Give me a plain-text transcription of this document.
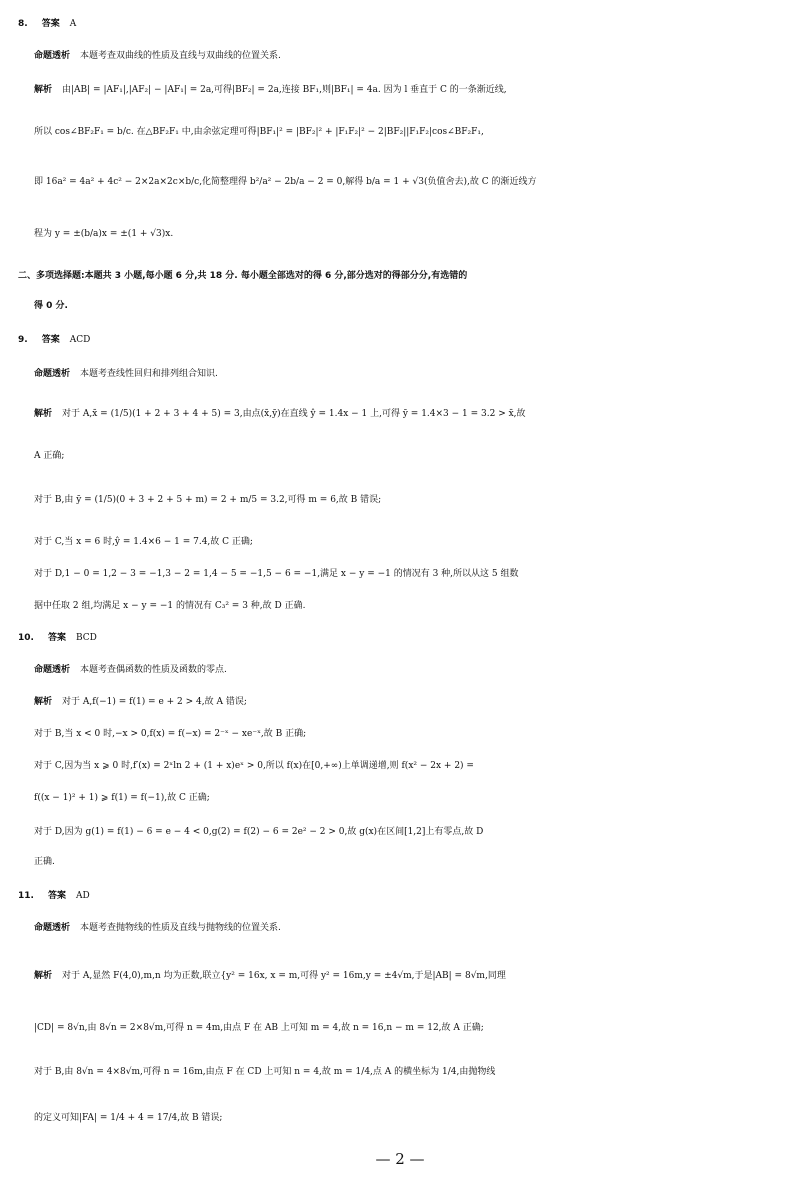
8. 答案 A
命题透析 本题考查双曲线的性质及直线与双曲线的位置关系.
解析 由|AB| = |AF₁|,|AF₂| − |AF₁| = 2a,可得|BF₂| = 2a,连接 BF₁,则|BF₁| = 4a. 因为 l 垂直于 C 的一条渐近线,
所以 cos∠BF₂F₁ = b/c. 在△BF₂F₁ 中,由余弦定理可得|BF₁|² = |BF₂|² + |F₁F₂|² − 2|BF₂||F₁F₂|cos∠BF₂F₁,
即 16a² = 4a² + 4c² − 2×2a×2c×b/c,化简整理得 b²/a² − 2b/a − 2 = 0,解得 b/a = 1 + √3(负值舍去),故 C 的渐近线方
程为 y = ±(b/a)x = ±(1 + √3)x.
二、多项选择题:本题共 3 小题,每小题 6 分,共 18 分. 每小题全部选对的得 6 分,部分选对的得部分分,有选错的
得 0 分.
9. 答案 ACD
命题透析 本题考查线性回归和排列组合知识.
解析 对于 A,x̄ = (1/5)(1 + 2 + 3 + 4 + 5) = 3,由点(x̄,ȳ)在直线 ŷ = 1.4x − 1 上,可得 ȳ = 1.4×3 − 1 = 3.2 > x̄,故
A 正确;
对于 B,由 ȳ = (1/5)(0 + 3 + 2 + 5 + m) = 2 + m/5 = 3.2,可得 m = 6,故 B 错误;
对于 C,当 x = 6 时,ŷ = 1.4×6 − 1 = 7.4,故 C 正确;
对于 D,1 − 0 = 1,2 − 3 = −1,3 − 2 = 1,4 − 5 = −1,5 − 6 = −1,满足 x − y = −1 的情况有 3 种,所以从这 5 组数
据中任取 2 组,均满足 x − y = −1 的情况有 C₃² = 3 种,故 D 正确.
10. 答案 BCD
命题透析 本题考查偶函数的性质及函数的零点.
解析 对于 A,f(−1) = f(1) = e + 2 > 4,故 A 错误;
对于 B,当 x < 0 时,−x > 0,f(x) = f(−x) = 2⁻ˣ − xe⁻ˣ,故 B 正确;
对于 C,因为当 x ⩾ 0 时,f′(x) = 2ˣln 2 + (1 + x)eˣ > 0,所以 f(x)在[0,+∞)上单调递增,则 f(x² − 2x + 2) =
f((x − 1)² + 1) ⩾ f(1) = f(−1),故 C 正确;
对于 D,因为 g(1) = f(1) − 6 = e − 4 < 0,g(2) = f(2) − 6 = 2e² − 2 > 0,故 g(x)在区间[1,2]上有零点,故 D
正确.
11. 答案 AD
命题透析 本题考查抛物线的性质及直线与抛物线的位置关系.
解析 对于 A,显然 F(4,0),m,n 均为正数,联立{y² = 16x, x = m,可得 y² = 16m,y = ±4√m,于是|AB| = 8√m,同理
|CD| = 8√n,由 8√n = 2×8√m,可得 n = 4m,由点 F 在 AB 上可知 m = 4,故 n = 16,n − m = 12,故 A 正确;
对于 B,由 8√n = 4×8√m,可得 n = 16m,由点 F 在 CD 上可知 n = 4,故 m = 1/4,点 A 的横坐标为 1/4,由抛物线
的定义可知|FA| = 1/4 + 4 = 17/4,故 B 错误;
— 2 —
